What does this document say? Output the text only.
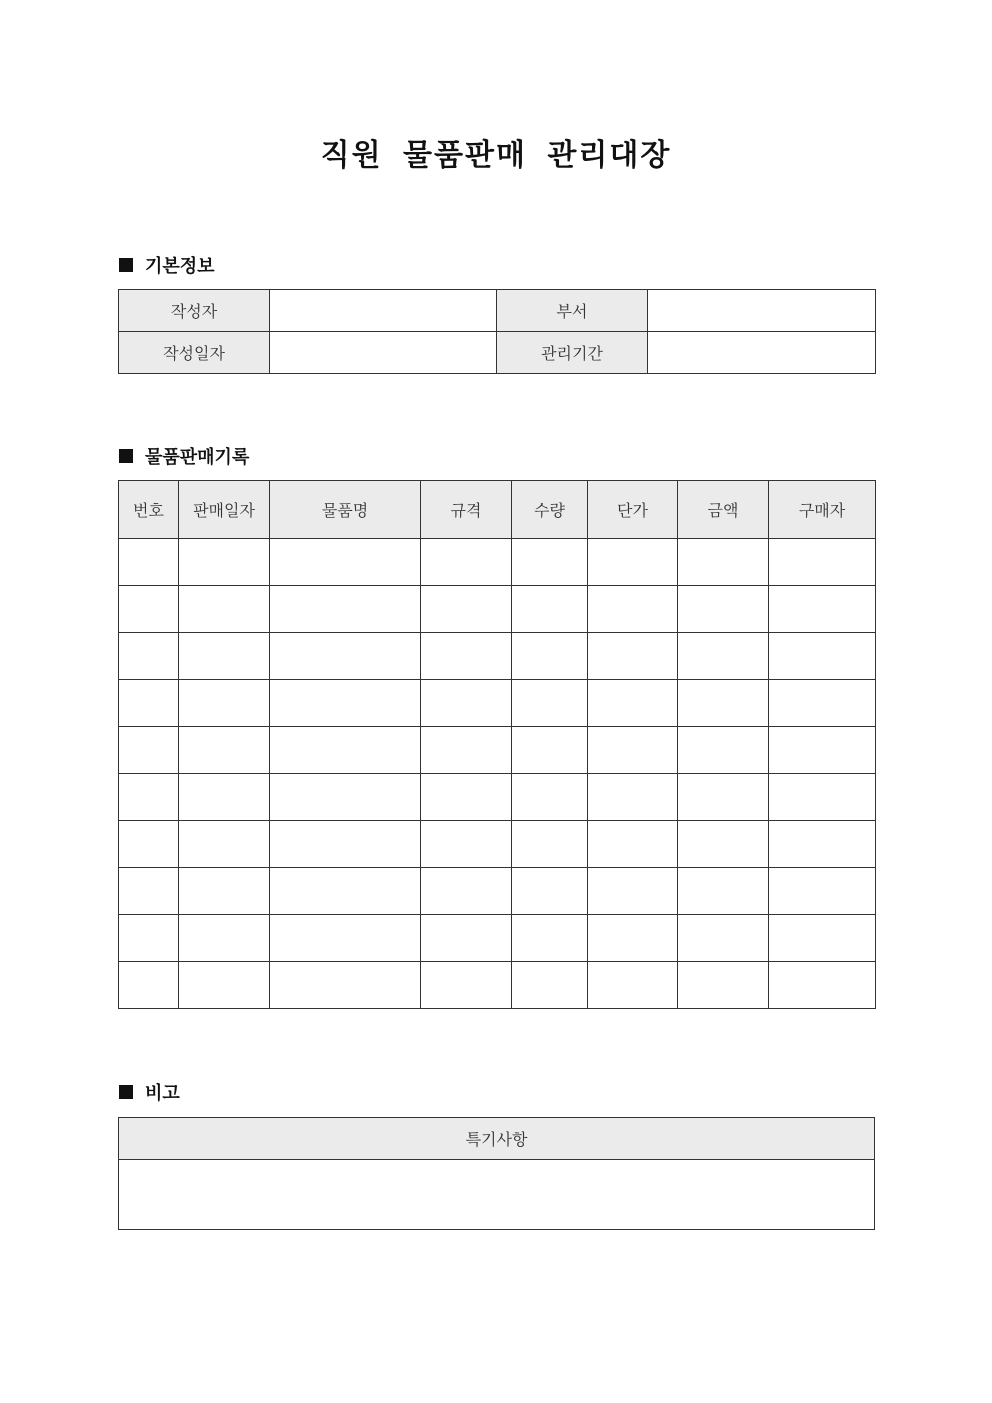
직원 물품판매 관리대장
기본정보
작성자		부서	
작성일자		관리기간	
물품판매기록
번호	판매일자	물품명	규격	수량	단가	금액	구매자

비고
특기사항
